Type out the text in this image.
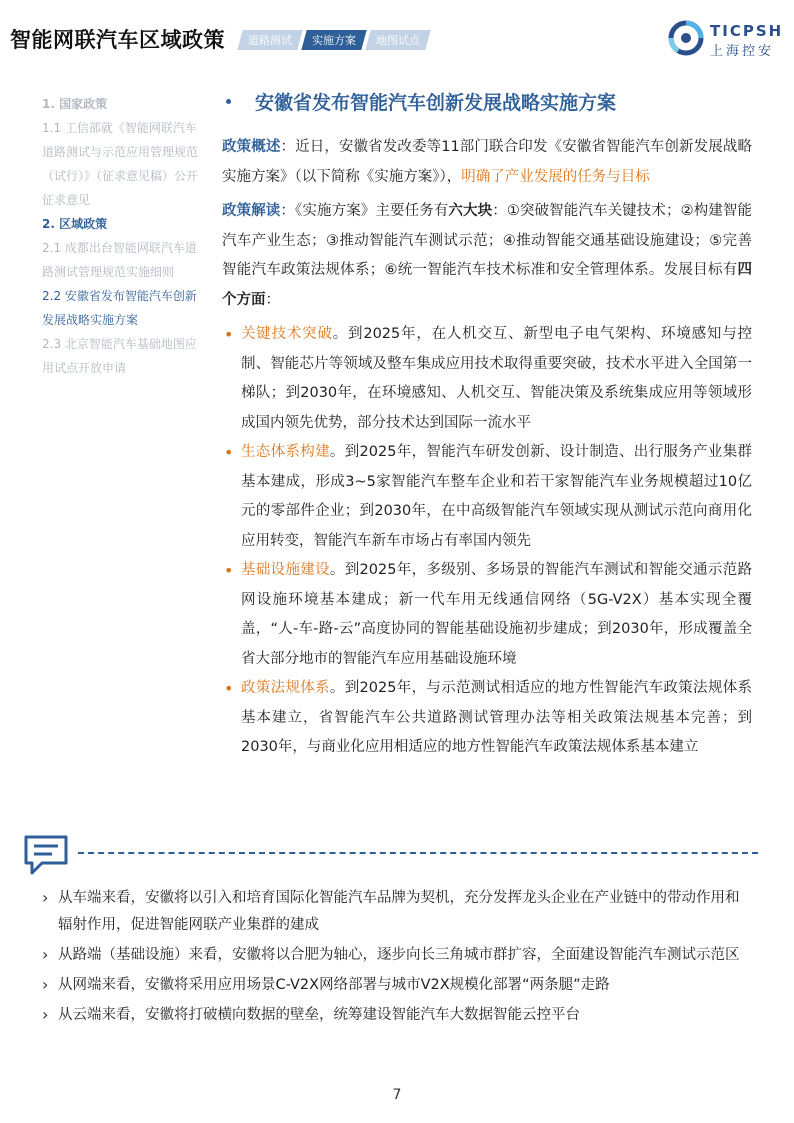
智能网联汽车区域政策	道路测试	实施方案	地图试点
TICPSH
上海控安

1. 国家政策

1.1 工信部就《智能网联汽车道路测试与示范应用管理规范（试行）》（征求意见稿）公开征求意见

2. 区域政策

2.1 成都出台智能网联汽车道路测试管理规范实施细则

2.2 安徽省发布智能汽车创新发展战略实施方案

2.3 北京智能汽车基础地图应用试点开放申请

安徽省发布智能汽车创新发展战略实施方案

政策概述：近日，安徽省发改委等11部门联合印发《安徽省智能汽车创新发展战略实施方案》（以下简称《实施方案》），明确了产业发展的任务与目标

政策解读：《实施方案》主要任务有六大块：①突破智能汽车关键技术；②构建智能汽车产业生态；③推动智能汽车测试示范；④推动智能交通基础设施建设；⑤完善智能汽车政策法规体系；⑥统一智能汽车技术标准和安全管理体系。发展目标有四个方面：

• 关键技术突破。到2025年，在人机交互、新型电子电气架构、环境感知与控制、智能芯片等领域及整车集成应用技术取得重要突破，技术水平进入全国第一梯队；到2030年，在环境感知、人机交互、智能决策及系统集成应用等领域形成国内领先优势，部分技术达到国际一流水平
• 生态体系构建。到2025年，智能汽车研发创新、设计制造、出行服务产业集群基本建成，形成3~5家智能汽车整车企业和若干家智能汽车业务规模超过10亿元的零部件企业；到2030年，在中高级智能汽车领域实现从测试示范向商用化应用转变，智能汽车新车市场占有率国内领先
• 基础设施建设。到2025年，多级别、多场景的智能汽车测试和智能交通示范路网设施环境基本建成；新一代车用无线通信网络（5G-V2X）基本实现全覆盖，“人-车-路-云”高度协同的智能基础设施初步建成；到2030年，形成覆盖全省大部分地市的智能汽车应用基础设施环境
• 政策法规体系。到2025年，与示范测试相适应的地方性智能汽车政策法规体系基本建立，省智能汽车公共道路测试管理办法等相关政策法规基本完善；到2030年，与商业化应用相适应的地方性智能汽车政策法规体系基本建立
› 从车端来看，安徽将以引入和培育国际化智能汽车品牌为契机，充分发挥龙头企业在产业链中的带动作用和辐射作用，促进智能网联产业集群的建成
› 从路端（基础设施）来看，安徽将以合肥为轴心，逐步向长三角城市群扩容，全面建设智能汽车测试示范区
› 从网端来看，安徽将采用应用场景C-V2X网络部署与城市V2X规模化部署“两条腿”走路
› 从云端来看，安徽将打破横向数据的壁垒，统筹建设智能汽车大数据智能云控平台
7
